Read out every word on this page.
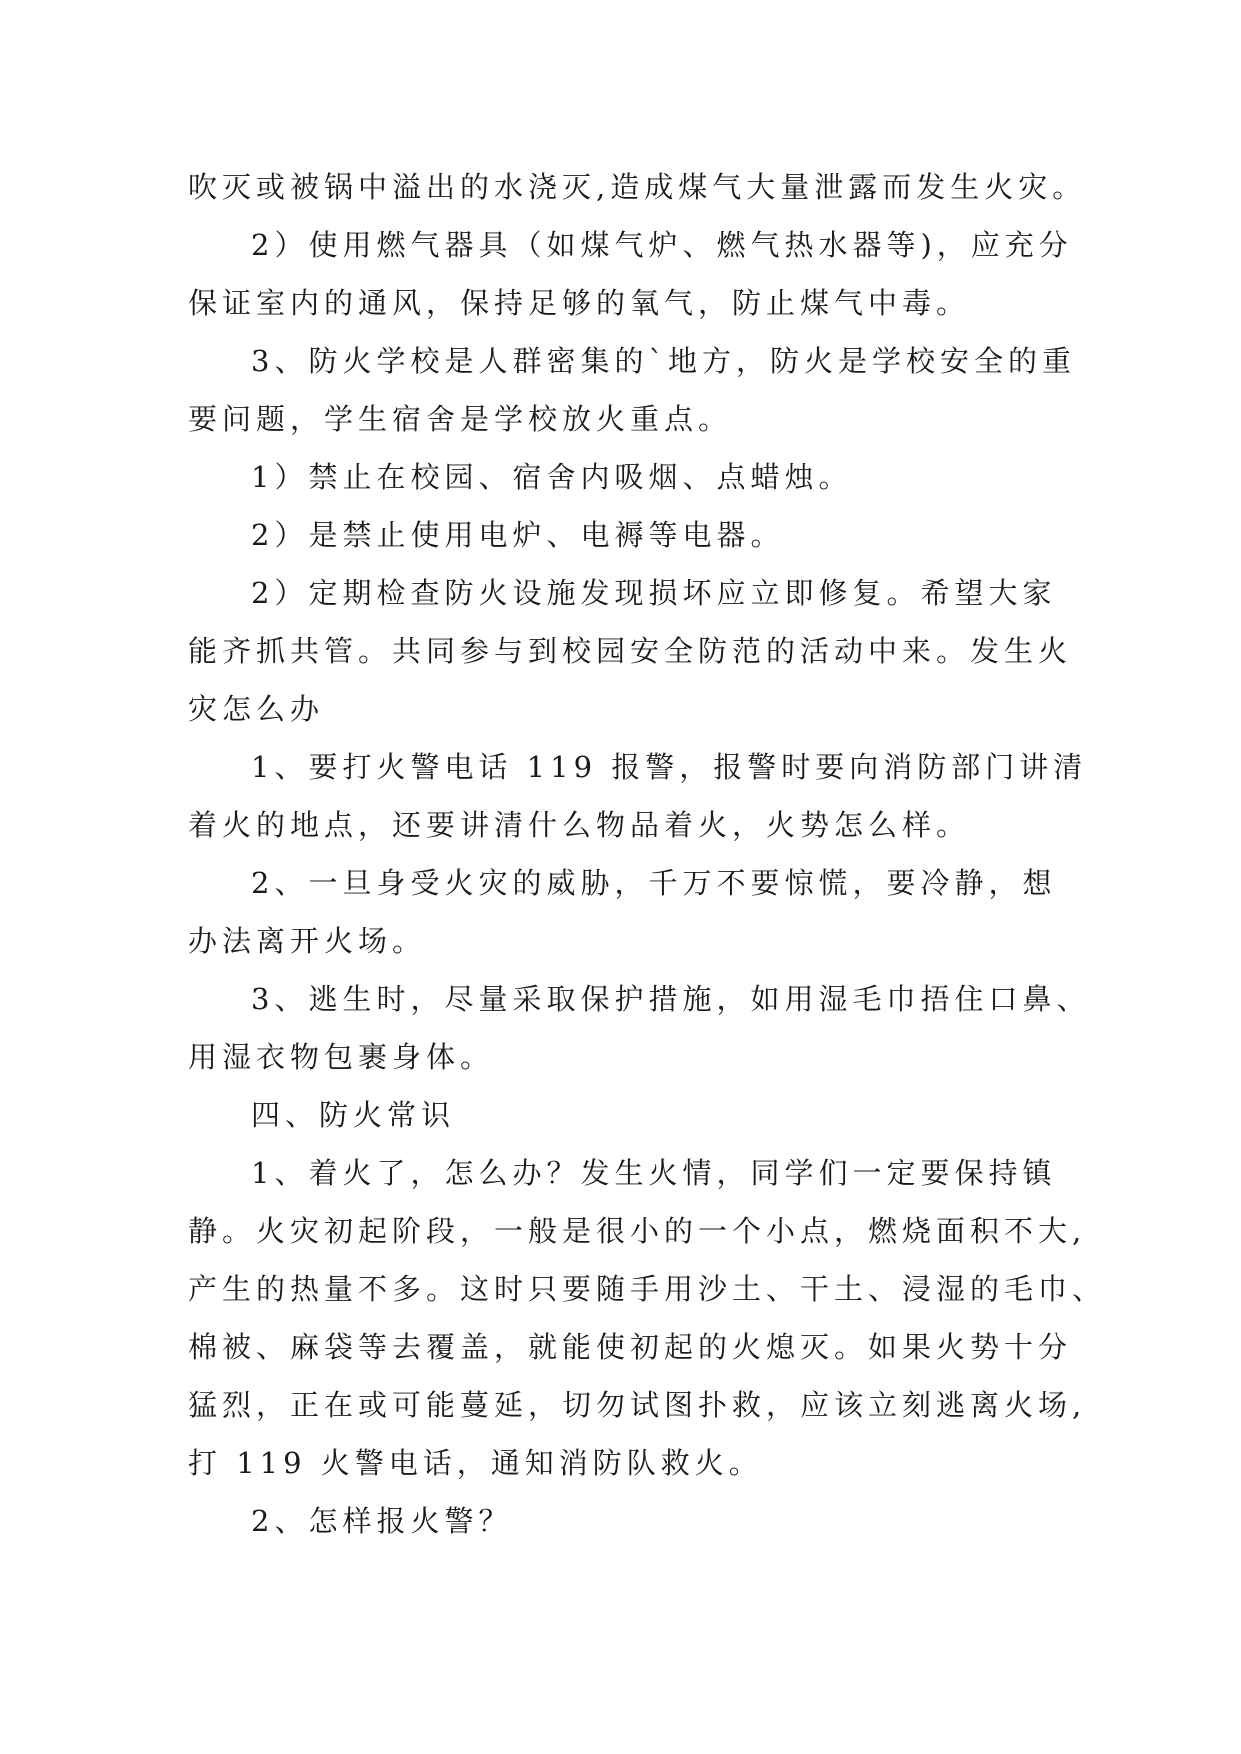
吹灭或被锅中溢出的水浇灭,造成煤气大量泄露而发生火灾。
2）使用燃气器具（如煤气炉、燃气热水器等)，应充分
保证室内的通风，保持足够的氧气，防止煤气中毒。
3、防火学校是人群密集的`地方，防火是学校安全的重
要问题，学生宿舍是学校放火重点。
1）禁止在校园、宿舍内吸烟、点蜡烛。
2）是禁止使用电炉、电褥等电器。
2）定期检查防火设施发现损坏应立即修复。希望大家
能齐抓共管。共同参与到校园安全防范的活动中来。发生火
灾怎么办
1、要打火警电话 119 报警，报警时要向消防部门讲清
着火的地点，还要讲清什么物品着火，火势怎么样。
2、一旦身受火灾的威胁，千万不要惊慌，要冷静，想
办法离开火场。
3、逃生时，尽量采取保护措施，如用湿毛巾捂住口鼻、
用湿衣物包裹身体。
四、防火常识
1、着火了，怎么办？发生火情，同学们一定要保持镇
静。火灾初起阶段，一般是很小的一个小点，燃烧面积不大,
产生的热量不多。这时只要随手用沙土、干土、浸湿的毛巾、
棉被、麻袋等去覆盖，就能使初起的火熄灭。如果火势十分
猛烈，正在或可能蔓延，切勿试图扑救，应该立刻逃离火场,
打 119 火警电话，通知消防队救火。
2、怎样报火警？
